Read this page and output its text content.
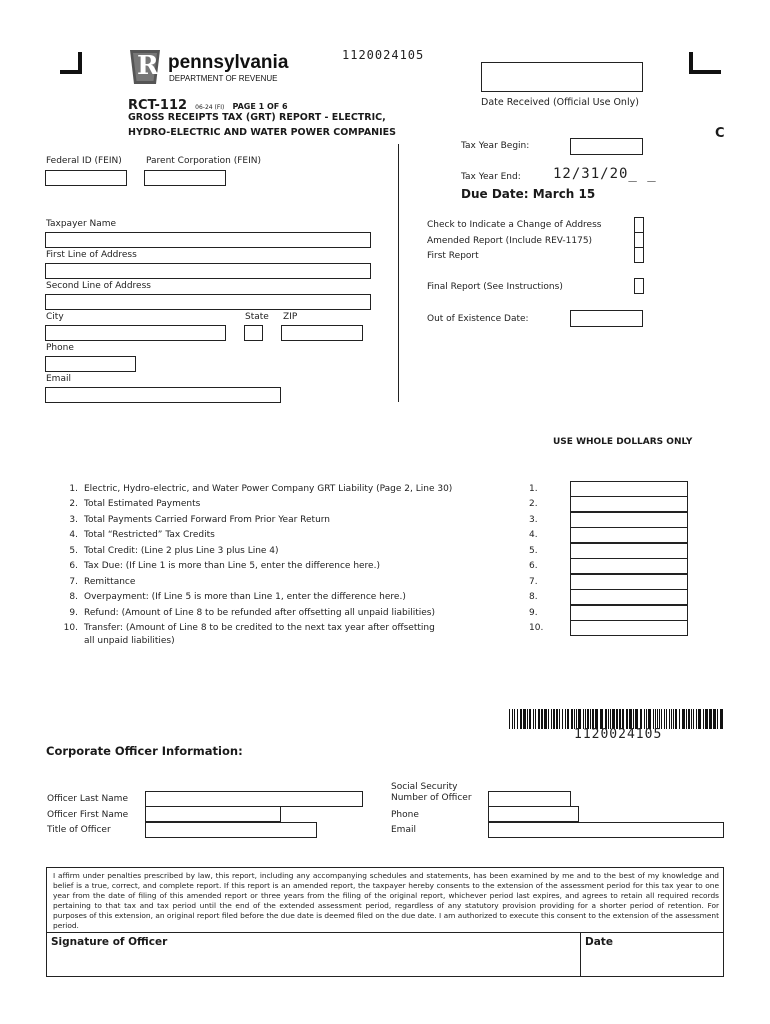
R pennsylvania
DEPARTMENT OF REVENUE
1120024105
Date Received (Official Use Only)
RCT-112 06-24 (FI) PAGE 1 OF 6
GROSS RECEIPTS TAX (GRT) REPORT - ELECTRIC,
HYDRO-ELECTRIC AND WATER POWER COMPANIES	C
Federal ID (FEIN)	Parent Corporation (FEIN)
Tax Year Begin:
Tax Year End: 12/31/20_ _
Due Date: March 15
Taxpayer Name
First Line of Address
Second Line of Address
City	State ZIP
Phone
Email
Check to Indicate a Change of Address
Amended Report (Include REV-1175)
First Report
Final Report (See Instructions)
Out of Existence Date:
USE WHOLE DOLLARS ONLY
1. Electric, Hydro-electric, and Water Power Company GRT Liability (Page 2, Line 30)
2. Total Estimated Payments
3. Total Payments Carried Forward From Prior Year Return
4. Total “Restricted” Tax Credits
5. Total Credit: (Line 2 plus Line 3 plus Line 4)
6. Tax Due: (If Line 1 is more than Line 5, enter the difference here.)
7. Remittance
8. Overpayment: (If Line 5 is more than Line 1, enter the difference here.)
9. Refund: (Amount of Line 8 to be refunded after offsetting all unpaid liabilities)
10. Transfer: (Amount of Line 8 to be credited to the next tax year after offsetting
all unpaid liabilities)
1.
2.
3.
4.
5.
6.
7.
8.
9.
10.
1120024105
Corporate Officer Information:
Officer Last Name
Officer First Name
Title of Officer
Social Security
Number of Officer
Phone
Email
I affirm under penalties prescribed by law, this report, including any accompanying schedules and statements, has been examined by me and to the best of my knowledge and belief is a true, correct, and complete report. If this report is an amended report, the taxpayer hereby consents to the extension of the assessment period for this tax year to one year from the date of filing of this amended report or three years from the filing of the original report, whichever period last expires, and agrees to retain all required records pertaining to that tax and tax period until the end of the extended assessment period, regardless of any statutory provision providing for a shorter period of retention. For purposes of this extension, an original report filed before the due date is deemed filed on the due date. I am authorized to execute this consent to the extension of the assessment period.
Signature of Officer	Date
